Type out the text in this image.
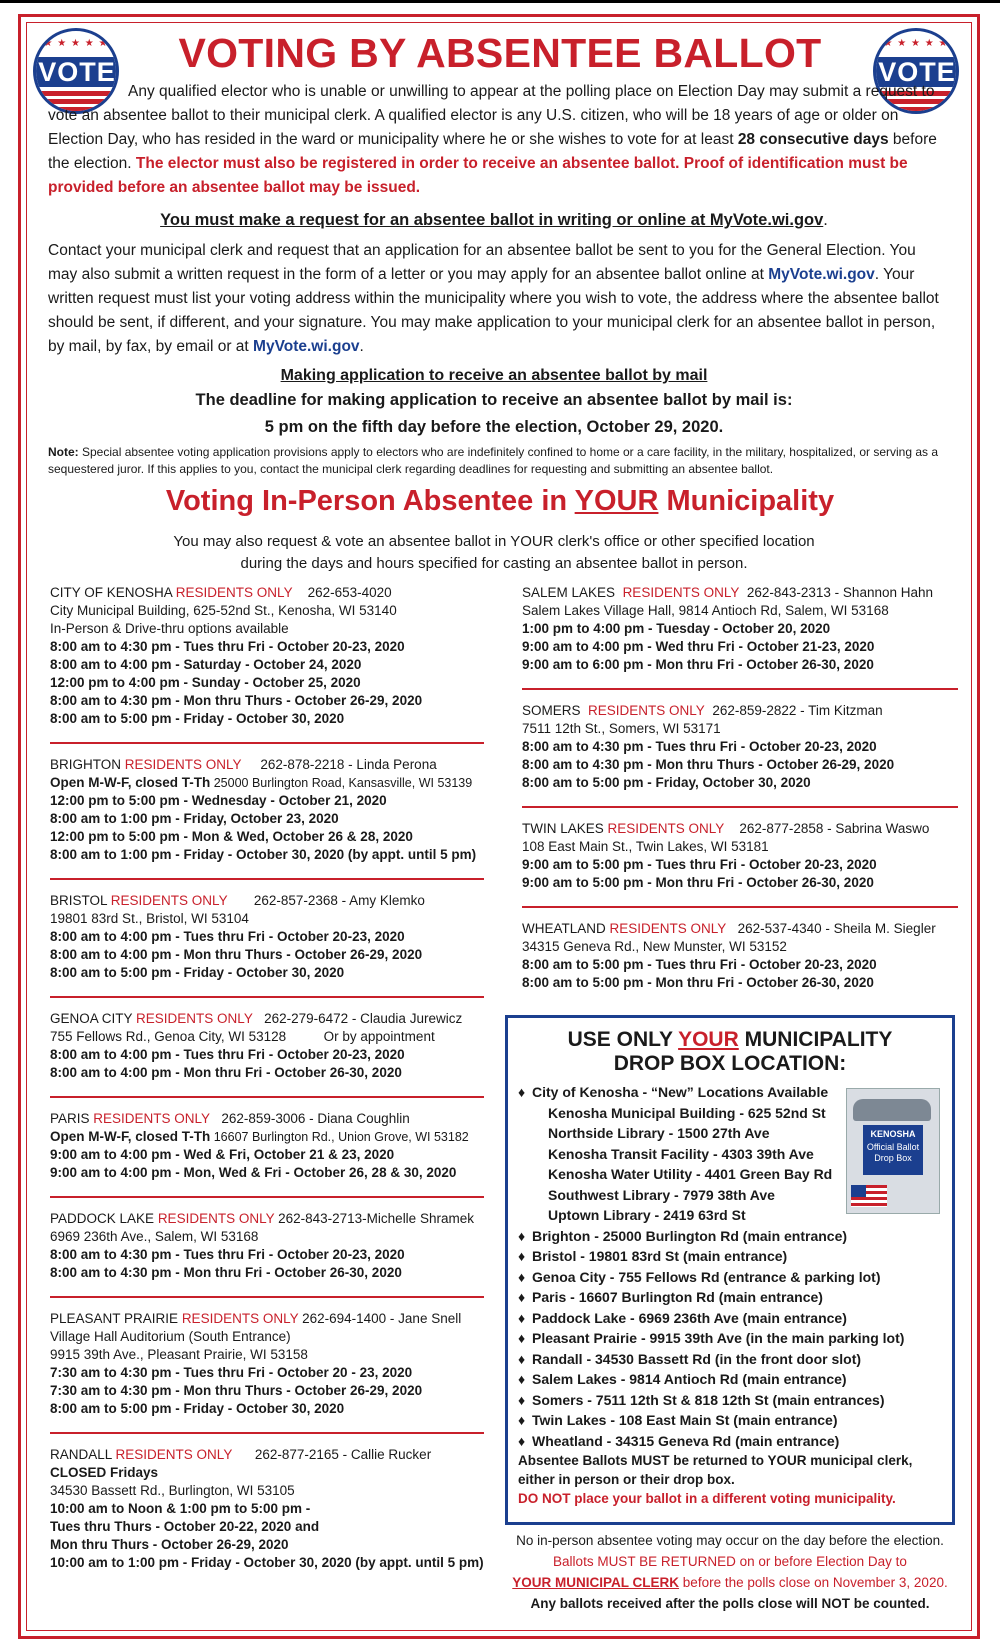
★ ★ ★ ★ ★
VOTE
★ ★ ★ ★ ★
VOTE
VOTING BY ABSENTEE BALLOT

Any qualified elector who is unable or unwilling to appear at the polling place on Election Day may submit a request to vote an absentee ballot to their municipal clerk. A qualified elector is any U.S. citizen, who will be 18 years of age or older on Election Day, who has resided in the ward or municipality where he or she wishes to vote for at least 28 consecutive days before the election. The elector must also be registered in order to receive an absentee ballot. Proof of identification must be provided before an absentee ballot may be issued.

You must make a request for an absentee ballot in writing or online at MyVote.wi.gov.

Contact your municipal clerk and request that an application for an absentee ballot be sent to you for the General Election. You may also submit a written request in the form of a letter or you may apply for an absentee ballot online at MyVote.wi.gov. Your written request must list your voting address within the municipality where you wish to vote, the address where the absentee ballot should be sent, if different, and your signature. You may make application to your municipal clerk for an absentee ballot in person, by mail, by fax, by email or at MyVote.wi.gov.

Making application to receive an absentee ballot by mail

The deadline for making application to receive an absentee ballot by mail is:

5 pm on the fifth day before the election, October 29, 2020.

Note: Special absentee voting application provisions apply to electors who are indefinitely confined to home or a care facility, in the military, hospitalized, or serving as a sequestered juror. If this applies to you, contact the municipal clerk regarding deadlines for requesting and submitting an absentee ballot.

Voting In-Person Absentee in YOUR Municipality

You may also request & vote an absentee ballot in YOUR clerk's office or other specified location
during the days and hours specified for casting an absentee ballot in person.

CITY OF KENOSHA RESIDENTS ONLY 262-653-4020

City Municipal Building, 625-52nd St., Kenosha, WI 53140

In-Person & Drive-thru options available

8:00 am to 4:30 pm - Tues thru Fri - October 20-23, 2020

8:00 am to 4:00 pm - Saturday - October 24, 2020

12:00 pm to 4:00 pm - Sunday - October 25, 2020

8:00 am to 4:30 pm - Mon thru Thurs - October 26-29, 2020

8:00 am to 5:00 pm - Friday - October 30, 2020

BRIGHTON RESIDENTS ONLY 262-878-2218 - Linda Perona

Open M-W-F, closed T-Th 25000 Burlington Road, Kansasville, WI 53139

12:00 pm to 5:00 pm - Wednesday - October 21, 2020

8:00 am to 1:00 pm - Friday, October 23, 2020

12:00 pm to 5:00 pm - Mon & Wed, October 26 & 28, 2020

8:00 am to 1:00 pm - Friday - October 30, 2020 (by appt. until 5 pm)

BRISTOL RESIDENTS ONLY 262-857-2368 - Amy Klemko

19801 83rd St., Bristol, WI 53104

8:00 am to 4:00 pm - Tues thru Fri - October 20-23, 2020

8:00 am to 4:00 pm - Mon thru Thurs - October 26-29, 2020

8:00 am to 5:00 pm - Friday - October 30, 2020

GENOA CITY RESIDENTS ONLY 262-279-6472 - Claudia Jurewicz

755 Fellows Rd., Genoa City, WI 53128	Or by appointment

8:00 am to 4:00 pm - Tues thru Fri - October 20-23, 2020

8:00 am to 4:00 pm - Mon thru Fri - October 26-30, 2020

PARIS RESIDENTS ONLY 262-859-3006 - Diana Coughlin

Open M-W-F, closed T-Th 16607 Burlington Rd., Union Grove, WI 53182

9:00 am to 4:00 pm - Wed & Fri, October 21 & 23, 2020

9:00 am to 4:00 pm - Mon, Wed & Fri - October 26, 28 & 30, 2020

PADDOCK LAKE RESIDENTS ONLY 262-843-2713-Michelle Shramek

6969 236th Ave., Salem, WI 53168

8:00 am to 4:30 pm - Tues thru Fri - October 20-23, 2020

8:00 am to 4:30 pm - Mon thru Fri - October 26-30, 2020

PLEASANT PRAIRIE RESIDENTS ONLY 262-694-1400 - Jane Snell

Village Hall Auditorium (South Entrance)

9915 39th Ave., Pleasant Prairie, WI 53158

7:30 am to 4:30 pm - Tues thru Fri - October 20 - 23, 2020

7:30 am to 4:30 pm - Mon thru Thurs - October 26-29, 2020

8:00 am to 5:00 pm - Friday - October 30, 2020

RANDALL RESIDENTS ONLY 262-877-2165 - Callie Rucker

CLOSED Fridays

34530 Bassett Rd., Burlington, WI 53105

10:00 am to Noon & 1:00 pm to 5:00 pm -

Tues thru Thurs - October 20-22, 2020 and

Mon thru Thurs - October 26-29, 2020

10:00 am to 1:00 pm - Friday - October 30, 2020 (by appt. until 5 pm)

SALEM LAKES RESIDENTS ONLY 262-843-2313 - Shannon Hahn

Salem Lakes Village Hall, 9814 Antioch Rd, Salem, WI 53168

1:00 pm to 4:00 pm - Tuesday - October 20, 2020

9:00 am to 4:00 pm - Wed thru Fri - October 21-23, 2020

9:00 am to 6:00 pm - Mon thru Fri - October 26-30, 2020

SOMERS RESIDENTS ONLY 262-859-2822 - Tim Kitzman

7511 12th St., Somers, WI 53171

8:00 am to 4:30 pm - Tues thru Fri - October 20-23, 2020

8:00 am to 4:30 pm - Mon thru Thurs - October 26-29, 2020

8:00 am to 5:00 pm - Friday, October 30, 2020

TWIN LAKES RESIDENTS ONLY 262-877-2858 - Sabrina Waswo

108 East Main St., Twin Lakes, WI 53181

9:00 am to 5:00 pm - Tues thru Fri - October 20-23, 2020

9:00 am to 5:00 pm - Mon thru Fri - October 26-30, 2020

WHEATLAND RESIDENTS ONLY 262-537-4340 - Sheila M. Siegler

34315 Geneva Rd., New Munster, WI 53152

8:00 am to 5:00 pm - Tues thru Fri - October 20-23, 2020

8:00 am to 5:00 pm - Mon thru Fri - October 26-30, 2020

USE ONLY YOUR MUNICIPALITY
DROP BOX LOCATION:
KENOSHA
Official Ballot Drop Box
♦ City of Kenosha - “New” Locations Available
Kenosha Municipal Building - 625 52nd St
Northside Library - 1500 27th Ave
Kenosha Transit Facility - 4303 39th Ave
Kenosha Water Utility - 4401 Green Bay Rd
Southwest Library - 7979 38th Ave
Uptown Library - 2419 63rd St
♦ Brighton - 25000 Burlington Rd (main entrance)
♦ Bristol - 19801 83rd St (main entrance)
♦ Genoa City - 755 Fellows Rd (entrance & parking lot)
♦ Paris - 16607 Burlington Rd (main entrance)
♦ Paddock Lake - 6969 236th Ave (main entrance)
♦ Pleasant Prairie - 9915 39th Ave (in the main parking lot)
♦ Randall - 34530 Bassett Rd (in the front door slot)
♦ Salem Lakes - 9814 Antioch Rd (main entrance)
♦ Somers - 7511 12th St & 818 12th St (main entrances)
♦ Twin Lakes - 108 East Main St (main entrance)
♦ Wheatland - 34315 Geneva Rd (main entrance)

Absentee Ballots MUST be returned to YOUR municipal clerk, either in person or their drop box.

DO NOT place your ballot in a different voting municipality.

No in-person absentee voting may occur on the day before the election.

Ballots MUST BE RETURNED on or before Election Day to

YOUR MUNICIPAL CLERK before the polls close on November 3, 2020.

Any ballots received after the polls close will NOT be counted.
